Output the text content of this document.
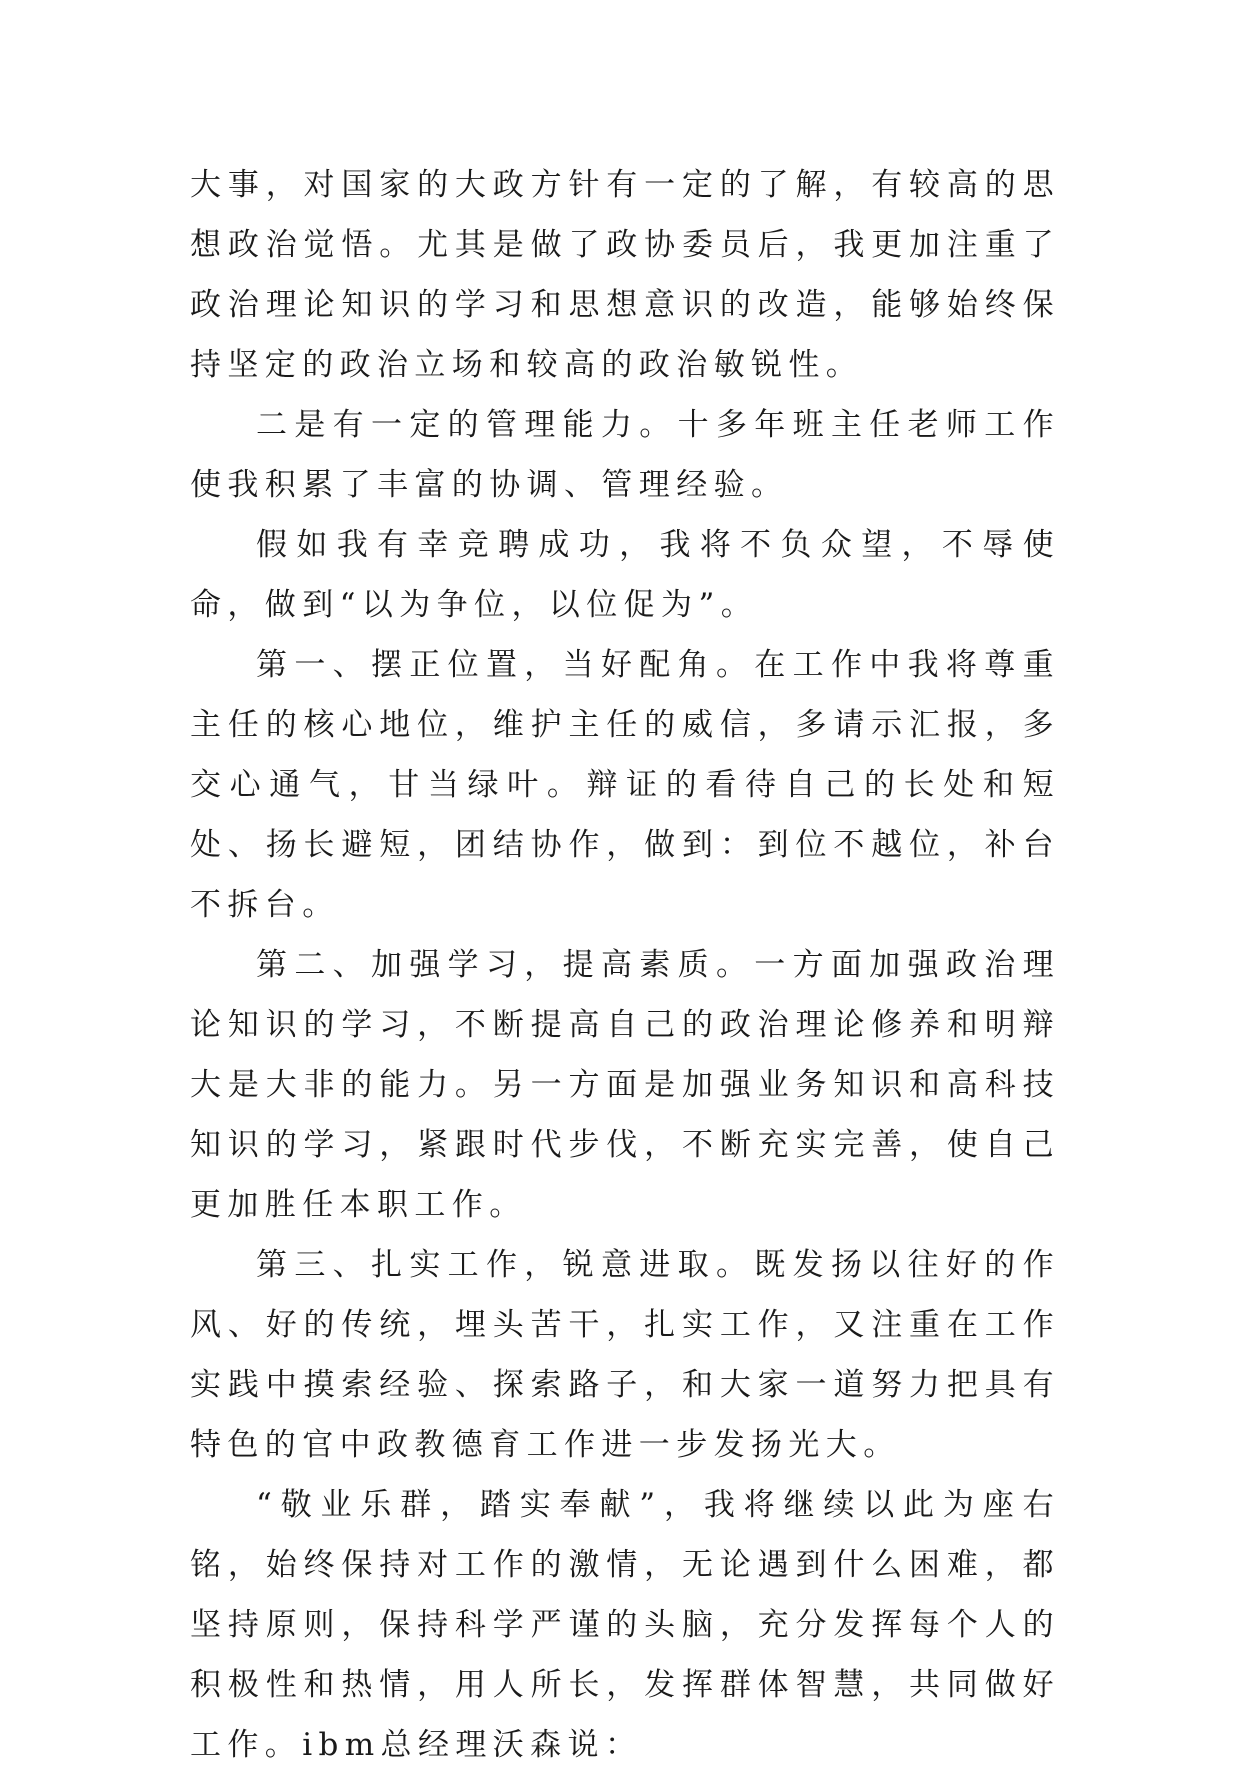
大事，对国家的大政方针有一定的了解，有较高的思想政治觉悟。尤其是做了政协委员后，我更加注重了政治理论知识的学习和思想意识的改造，能够始终保持坚定的政治立场和较高的政治敏锐性。

二是有一定的管理能力。十多年班主任老师工作使我积累了丰富的协调、管理经验。

假如我有幸竞聘成功，我将不负众望，不辱使命，做到“以为争位，以位促为”。

第一、摆正位置，当好配角。在工作中我将尊重主任的核心地位，维护主任的威信，多请示汇报，多交心通气，甘当绿叶。辩证的看待自己的长处和短处、扬长避短，团结协作，做到：到位不越位，补台不拆台。

第二、加强学习，提高素质。一方面加强政治理论知识的学习，不断提高自己的政治理论修养和明辩大是大非的能力。另一方面是加强业务知识和高科技知识的学习，紧跟时代步伐，不断充实完善，使自己更加胜任本职工作。

第三、扎实工作，锐意进取。既发扬以往好的作风、好的传统，埋头苦干，扎实工作，又注重在工作实践中摸索经验、探索路子，和大家一道努力把具有特色的官中政教德育工作进一步发扬光大。

“敬业乐群，踏实奉献”，我将继续以此为座右铭，始终保持对工作的激情，无论遇到什么困难，都坚持原则，保持科学严谨的头脑，充分发挥每个人的积极性和热情，用人所长，发挥群体智慧，共同做好工作。ibm总经理沃森说：
